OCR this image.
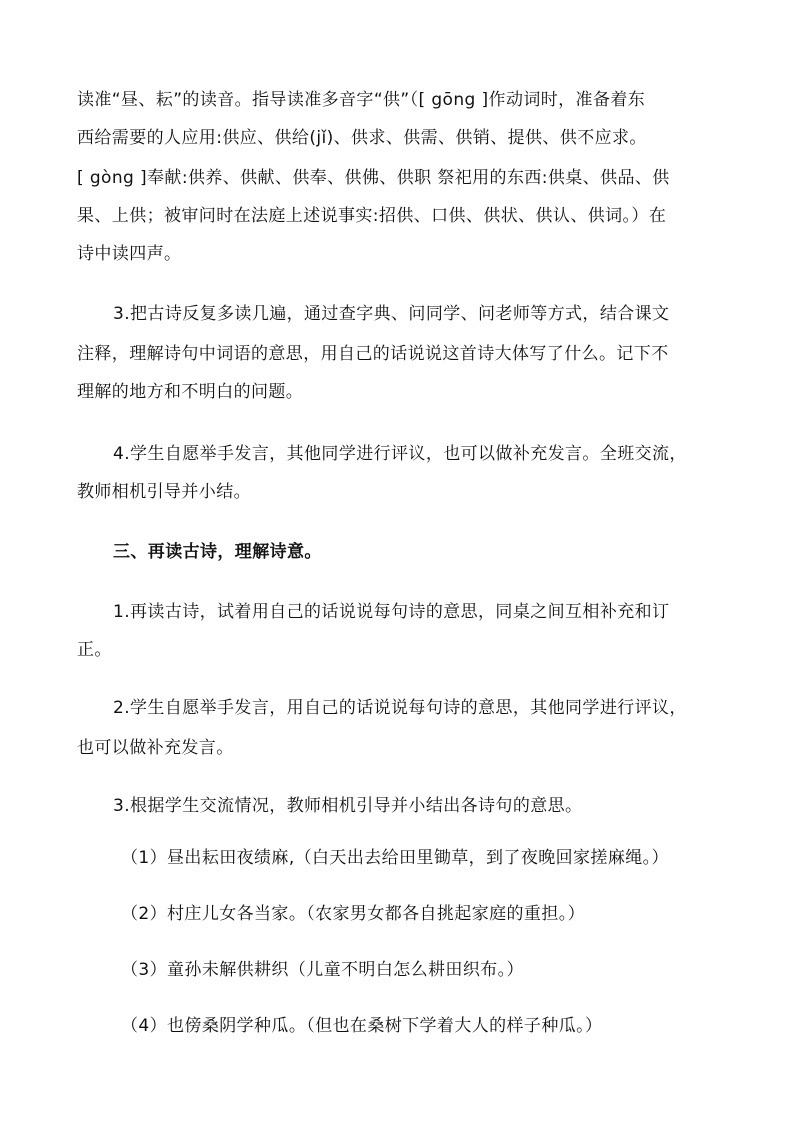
读准“昼、耘”的读音。指导读准多音字“供”（[ gōng ]作动词时，准备着东
西给需要的人应用:供应、供给(jǐ)、供求、供需、供销、提供、供不应求。
[ gòng ]奉献:供养、供献、供奉、供佛、供职 祭祀用的东西:供桌、供品、供
果、上供；被审问时在法庭上述说事实:招供、口供、供状、供认、供词。）在
诗中读四声。
3.把古诗反复多读几遍，通过查字典、问同学、问老师等方式，结合课文
注释，理解诗句中词语的意思，用自己的话说说这首诗大体写了什么。记下不
理解的地方和不明白的问题。
4.学生自愿举手发言，其他同学进行评议，也可以做补充发言。全班交流，
教师相机引导并小结。
三、再读古诗，理解诗意。
1.再读古诗，试着用自己的话说说每句诗的意思，同桌之间互相补充和订
正。
2.学生自愿举手发言，用自己的话说说每句诗的意思，其他同学进行评议，
也可以做补充发言。
3.根据学生交流情况，教师相机引导并小结出各诗句的意思。
（1）昼出耘田夜绩麻,（白天出去给田里锄草，到了夜晚回家搓麻绳。）
（2）村庄儿女各当家。（农家男女都各自挑起家庭的重担。）
（3）童孙未解供耕织（儿童不明白怎么耕田织布。）
（4）也傍桑阴学种瓜。（但也在桑树下学着大人的样子种瓜。）
